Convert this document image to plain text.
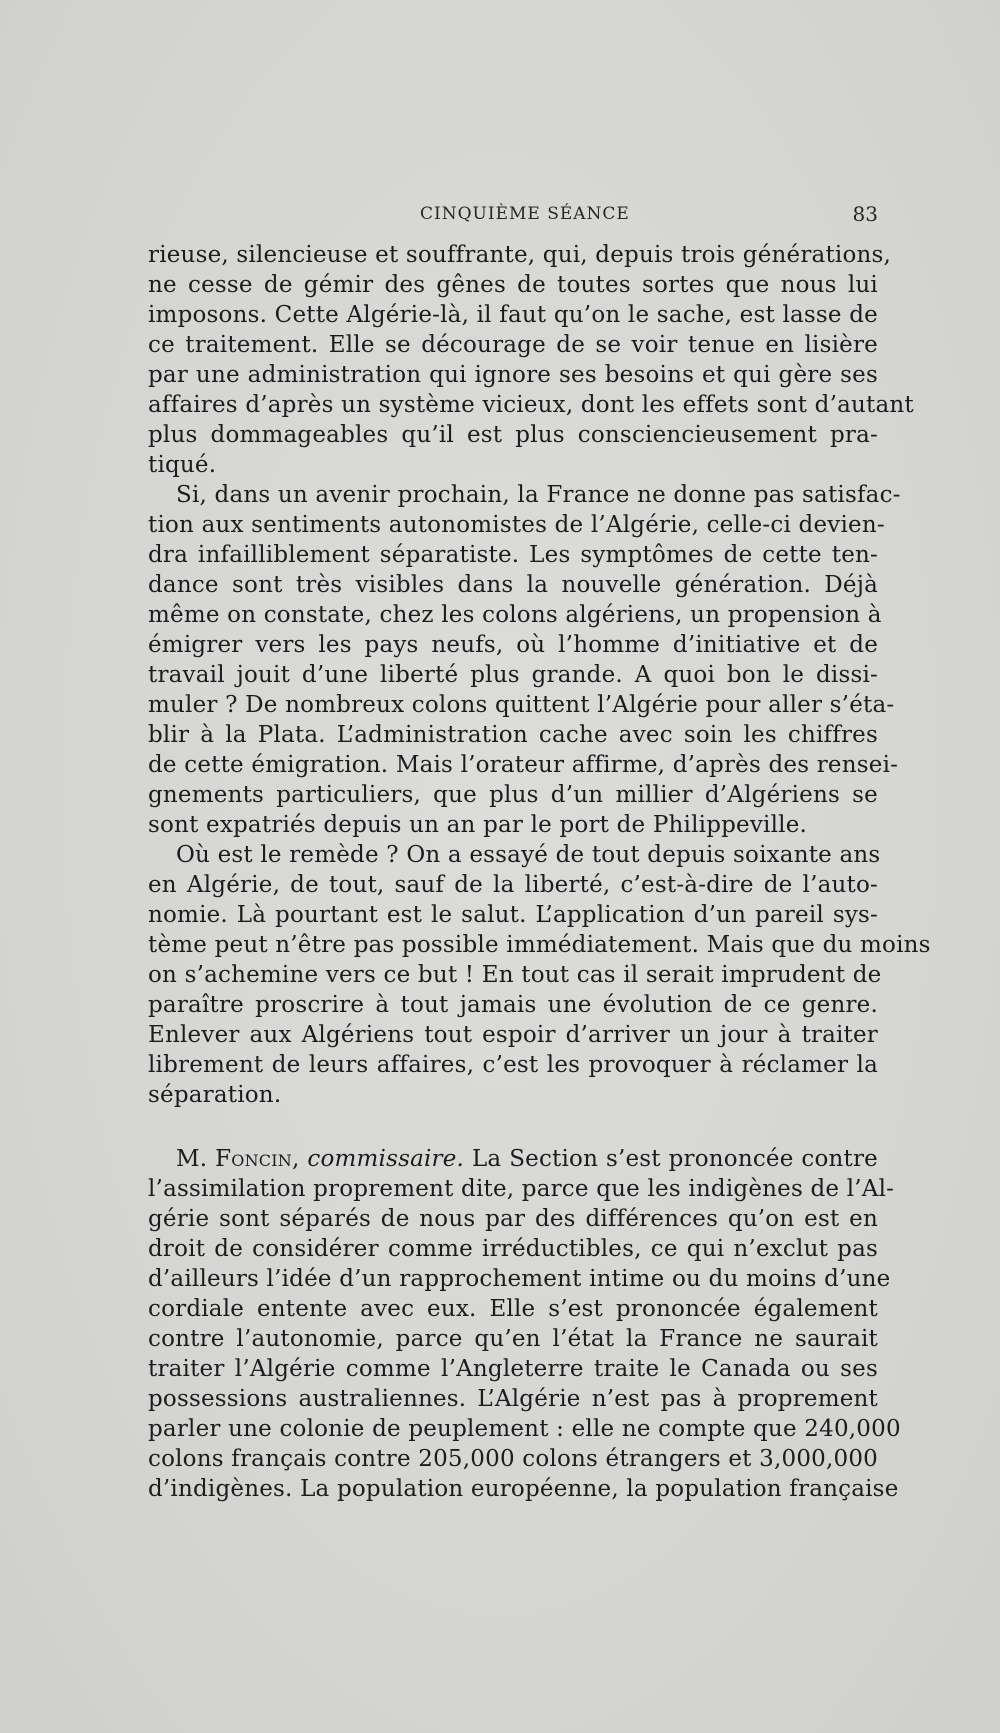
CINQUIÈME SÉANCE	83
rieuse, silencieuse et souffrante, qui, depuis trois générations,
ne cesse de gémir des gênes de toutes sortes que nous lui
imposons. Cette Algérie-là, il faut qu’on le sache, est lasse de
ce traitement. Elle se décourage de se voir tenue en lisière
par une administration qui ignore ses besoins et qui gère ses
affaires d’après un système vicieux, dont les effets sont d’autant
plus dommageables qu’il est plus consciencieusement pra-
tiqué.
Si, dans un avenir prochain, la France ne donne pas satisfac-
tion aux sentiments autonomistes de l’Algérie, celle-ci devien-
dra infailliblement séparatiste. Les symptômes de cette ten-
dance sont très visibles dans la nouvelle génération. Déjà
même on constate, chez les colons algériens, un propension à
émigrer vers les pays neufs, où l’homme d’initiative et de
travail jouit d’une liberté plus grande. A quoi bon le dissi-
muler ? De nombreux colons quittent l’Algérie pour aller s’éta-
blir à la Plata. L’administration cache avec soin les chiffres
de cette émigration. Mais l’orateur affirme, d’après des rensei-
gnements particuliers, que plus d’un millier d’Algériens se
sont expatriés depuis un an par le port de Philippeville.
Où est le remède ? On a essayé de tout depuis soixante ans
en Algérie, de tout, sauf de la liberté, c’est-à-dire de l’auto-
nomie. Là pourtant est le salut. L’application d’un pareil sys-
tème peut n’être pas possible immédiatement. Mais que du moins
on s’achemine vers ce but ! En tout cas il serait imprudent de
paraître proscrire à tout jamais une évolution de ce genre.
Enlever aux Algériens tout espoir d’arriver un jour à traiter
librement de leurs affaires, c’est les provoquer à réclamer la
séparation.
M. Foncin, commissaire. La Section s’est prononcée contre
l’assimilation proprement dite, parce que les indigènes de l’Al-
gérie sont séparés de nous par des différences qu’on est en
droit de considérer comme irréductibles, ce qui n’exclut pas
d’ailleurs l’idée d’un rapprochement intime ou du moins d’une
cordiale entente avec eux. Elle s’est prononcée également
contre l’autonomie, parce qu’en l’état la France ne saurait
traiter l’Algérie comme l’Angleterre traite le Canada ou ses
possessions australiennes. L’Algérie n’est pas à proprement
parler une colonie de peuplement : elle ne compte que 240,000
colons français contre 205,000 colons étrangers et 3,000,000
d’indigènes. La population européenne, la population française
